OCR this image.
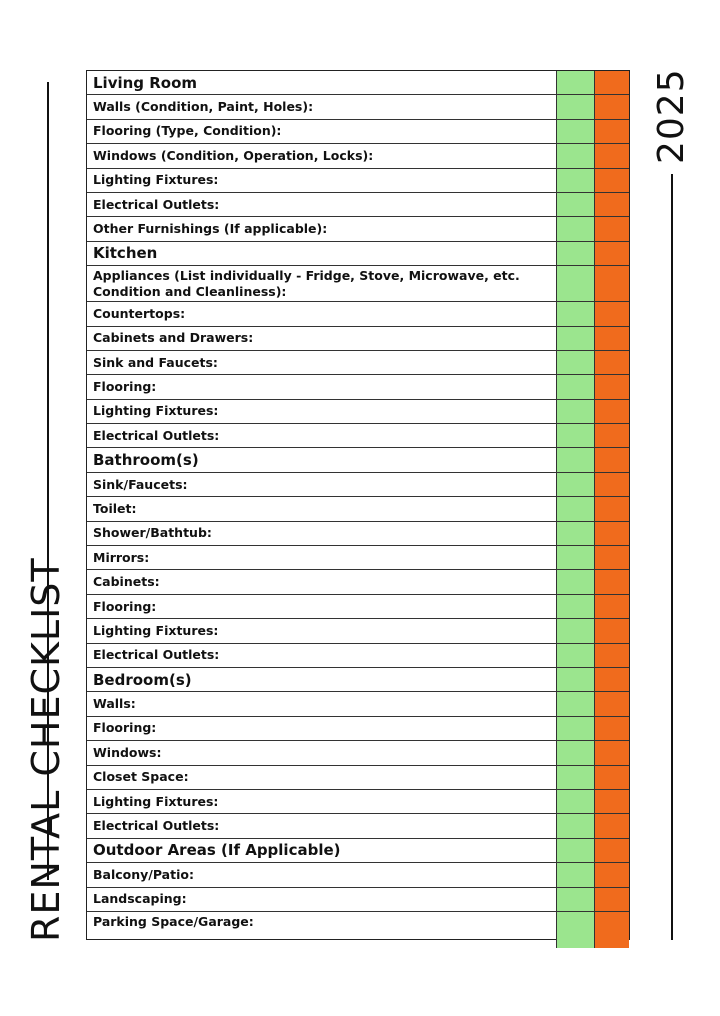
RENTAL CHECKLIST
2025
Living Room
Walls (Condition, Paint, Holes):
Flooring (Type, Condition):
Windows (Condition, Operation, Locks):
Lighting Fixtures:
Electrical Outlets:
Other Furnishings (If applicable):
Kitchen
Appliances (List individually - Fridge, Stove, Microwave, etc. Condition and Cleanliness):
Countertops:
Cabinets and Drawers:
Sink and Faucets:
Flooring:
Lighting Fixtures:
Electrical Outlets:
Bathroom(s)
Sink/Faucets:
Toilet:
Shower/Bathtub:
Mirrors:
Cabinets:
Flooring:
Lighting Fixtures:
Electrical Outlets:
Bedroom(s)
Walls:
Flooring:
Windows:
Closet Space:
Lighting Fixtures:
Electrical Outlets:
Outdoor Areas (If Applicable)
Balcony/Patio:
Landscaping:
Parking Space/Garage:
